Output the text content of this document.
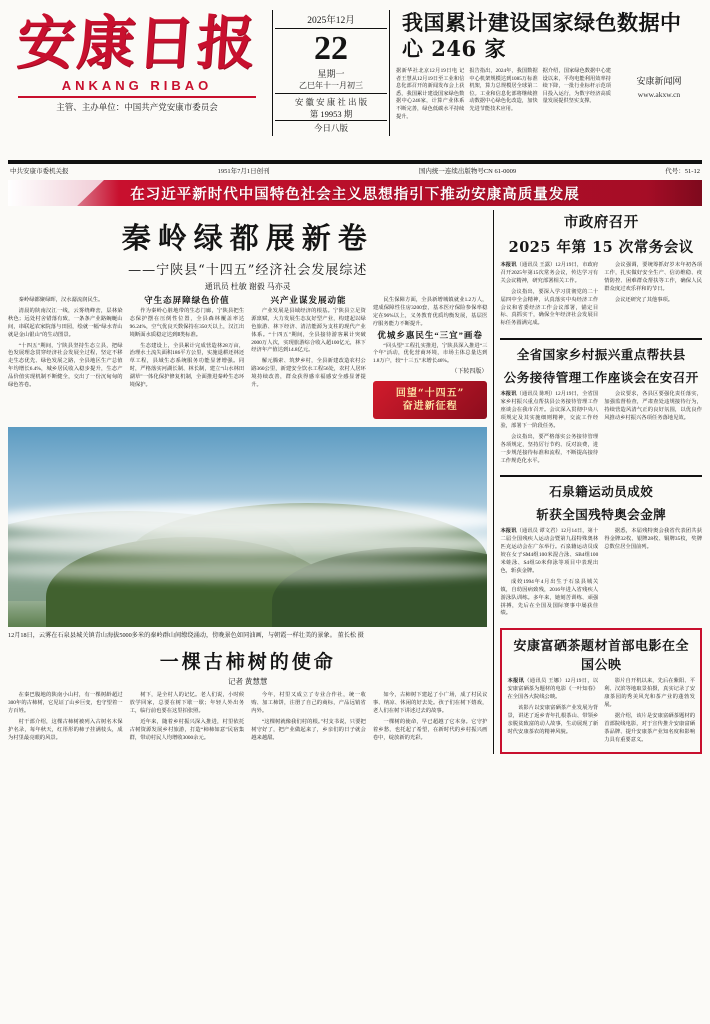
安康日报
ANKANG RIBAO
主管、主办单位：中国共产党安康市委员会
2025年12月
22
星期一
乙巳年十一月初三
安 徽 安 康 社 出 版
第 19953 期
今日八版
我国累计建设国家绿色数据中心 246 家
据新华社北京12月19日电 记者王慧从12月19日至工业和信息化部召开的新闻发布会上获悉，我国累计建设国家绿色数据中心246家，计算产业体系不断完善，绿色低碳水平持续提升。
报告指出，2024年，我国数据中心机架规模达到1085万标准机架，算力总规模居全球第二位。工业和信息化部将继续推动数据中心绿色化改造，加快先进节能技术应用。
据介绍，国家绿色数据中心建设以来，平均电能利用效率持续下降，一批行业标杆示范项目投入运行，为数字经济高质量发展提供坚实支撑。
安康新闻网
www.akxw.cn
中共安康市委机关报	1951年7月1日创刊	国内统一连续出版物号CN 61-0009	代号：51-12
在习近平新时代中国特色社会主义思想指引下推动安康高质量发展
秦岭绿都展新卷
——宁陕县“十四五”经济社会发展综述
通讯员 杜敏 谢毅 马亦灵

秦岭绿都聚绿晖，汉水潺流润民生。

清晨的陕南汉江一线，云雾绕峰峦，层林染秋色；远处村舍错落有致，一条条产业路蜿蜒山间，串联起农家院落与田园，绘就一幅“绿水青山就是金山银山”的生动图景。

“十四五”期间，宁陕县坚持生态立县，把绿色发展理念贯穿经济社会发展全过程，坚定不移走生态优先、绿色发展之路，全县地区生产总值年均增长6.4%，城乡居民收入稳步提升，生态产品价值实现机制不断健全，交出了一份沉甸甸的绿色答卷。

守生态屏障绿色价值

作为秦岭心脏地带的生态门廊，宁陕县把生态保护摆在压倒性位置，全县森林覆盖率达96.24%，空气优良天数保持在350天以上，汉江出境断面水质稳定达到Ⅱ类标准。

生态建设上，全县累计完成营造林28万亩，治理水土流失面积186平方公里，实施退耕还林还草工程，县域生态系统服务功能显著增强。同时，严格落实河湖长制、林长制，建立“山水林田湖草”一体化保护修复机制，全面推进秦岭生态环境保护。

兴产业谋发展动能

产业发展是县域经济的根基。宁陕县立足资源禀赋，大力发展生态友好型产业，构建起以绿色旅游、林下经济、清洁能源为支柱的现代产业体系。“十四五”期间，全县接待游客累计突破2000万人次，实现旅游综合收入超100亿元，林下经济年产值达到14.8亿元。

解元腾索、筑梦乡村，全县新建改造农村公路360公里，新建安全饮水工程56处，农村人居环境持续改善，群众获得感幸福感安全感显著提升。

民生保障方面，全县新增城镇就业1.2万人，建成保障性住房3200套，基本医疗保险参保率稳定在96%以上，义务教育优质均衡发展，基层医疗服务能力不断提升。

优城乡惠民生“三宜”画卷

“回头望”工程扎实推进，宁陕县深入推进“三个年”活动，优化营商环境，市场主体总量达到1.8万户，较“十三五”末增长46%。

（下转四版）
回望“十四五”
奋进新征程
12月18日，云雾在石泉县城关镇青山海拔5000多米的秦岭群山间缭绕涌动，傍晚景色如同油画，与朝霞一样壮美的景象。 董长松 摄
一棵古柿树的使命
记者 黄慧慧

在秦巴腹地的陕南小山村，有一棵树龄超过300年的古柿树，它见证了山乡巨变，也守望着一方百姓。

村干部介绍，这棵古柿树被列入古树名木保护名录，每年秋天，红彤彤的柿子挂满枝头，成为村里最亮眼的风景。

树下，是全村人的记忆。老人们说，小时候放学回家，总要在树下歇一歇；年轻人外出务工，临行前也要在这里拍张照。

近年来，随着乡村振兴深入推进，村里依托古树资源发展乡村旅游，打造“柿柿如意”民宿集群，带动村民人均增收3000余元。

今年，村里又成立了专业合作社，统一收购、加工柿饼，注册了自己的商标，产品远销省内外。

“这棵树就像我们村的根。”村支书说，只要把树守好了，把产业做起来了，乡亲们的日子就会越来越甜。

如今，古柿树下建起了小广场，成了村民议事、纳凉、休闲的好去处。孩子们在树下嬉戏，老人们在树下讲述过去的故事。

一棵树的使命，早已超越了它本身。它守护着乡愁，也托起了希望，在新时代的乡村振兴画卷中，绽放新的光彩。

市政府召开
2025 年第 15 次常务会议

本报讯（通讯员 王露）12月19日，市政府召开2025年第15次常务会议，传达学习有关会议精神，研究部署相关工作。

会议指出，要深入学习贯彻党的二十届四中全会精神，认真落实中央经济工作会议和省委经济工作会议部署，锚定目标、真抓实干，确保全年经济社会发展目标任务圆满完成。

会议强调，要统筹抓好岁末年初各项工作，扎实做好安全生产、信访维稳、疫情防控、困难群众帮扶等工作，确保人民群众度过欢乐祥和的节日。

会议还研究了其他事项。

全省国家乡村振兴重点帮扶县
公务接待管理工作座谈会在安召开

本报讯（通讯员 陈明）12月19日，全省国家乡村振兴重点帮扶县公务接待管理工作座谈会在我市召开。会议深入贯彻中央八项规定及其实施细则精神，交流工作经验，部署下一阶段任务。

会议指出，要严格落实公务接待管理各项规定，坚持厉行节约、反对浪费，进一步规范接待标准和流程，不断提高接待工作规范化水平。

会议要求，各县区要强化责任落实，加强监督检查，严肃查处违规接待行为，持续营造风清气正的良好氛围，以优良作风推动乡村振兴各项任务落地见效。

石泉籍运动员成姣
斩获全国残特奥会金牌

本报讯（通讯员 谭文君）12月14日，第十二届全国残疾人运动会暨第九届特殊奥林匹克运动会在广东举行。石泉籍运动员成姣在女子SM4组100米混合泳、SB4组100米蛙泳、S4组50米仰泳等项目中表现出色，斩获金牌。

成姣1994年4月出生于石泉县城关镇，自幼因病致残，2016年进入省残疾人游泳队训练。多年来，她刻苦训练、顽强拼搏，先后在全国及国际赛事中屡获佳绩。

据悉，本届残特奥会我省代表团共获得金牌32枚、银牌28枚、铜牌35枚，奖牌总数位居全国前列。

安康富硒茶题材首部电影在全国公映

本报讯（通讯员 王娜）12月19日，以安康富硒茶为题材的电影《一叶知春》在全国各大院线公映。

该影片以安康富硒茶产业发展为背景，讲述了返乡青年扎根茶山、带领乡亲脱贫致富的动人故事，生动展现了新时代安康茶农的精神风貌。

影片自开机以来，先后在紫阳、平利、汉滨等地取景拍摄，真实记录了安康茶园的秀美风光和茶产业的蓬勃发展。

据介绍，该片是安康富硒茶题材的首部院线电影，对于宣传推介安康富硒茶品牌、提升安康茶产业知名度和影响力具有重要意义。
